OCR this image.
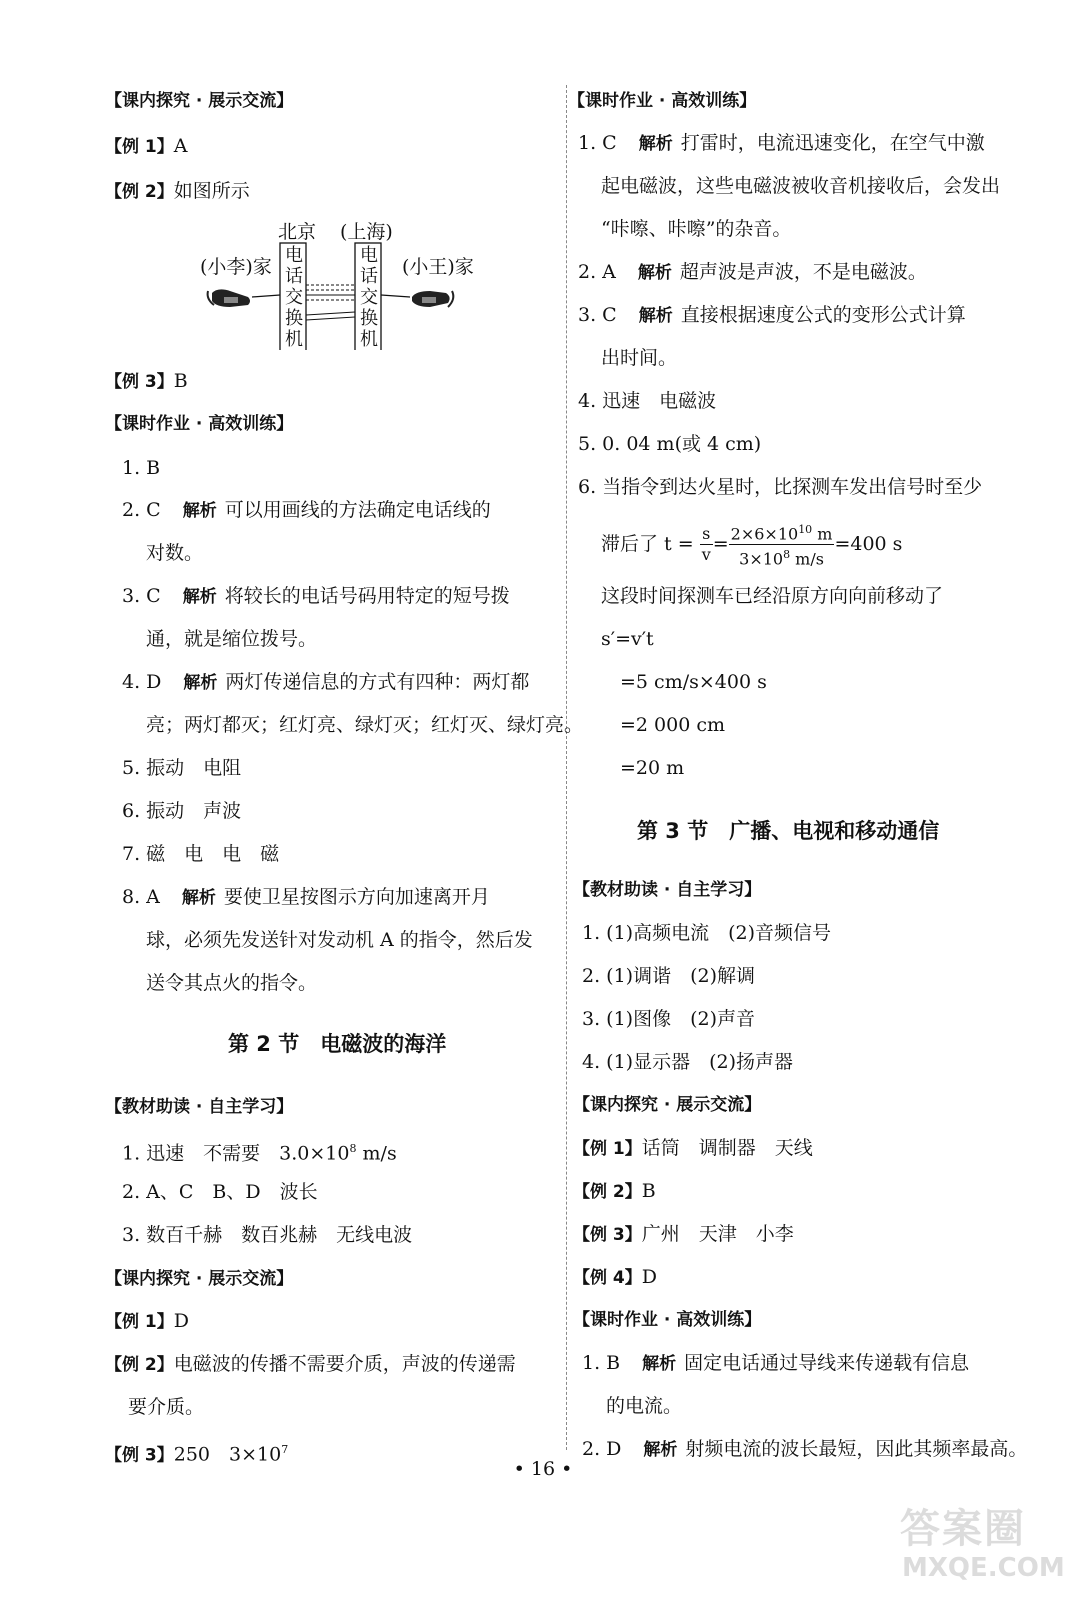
【课内探究 · 展示交流】
【例 1】A
【例 2】如图所示
北京 (上海)
(小李)家	(小王)家
电
话
交
换
机
电
话
交
换
机
【例 3】B
【课时作业 · 高效训练】
1. B
2. C 解析 可以用画线的方法确定电话线的
对数。
3. C 解析 将较长的电话号码用特定的短号拨
通，就是缩位拨号。
4. D 解析 两灯传递信息的方式有四种：两灯都
亮；两灯都灭；红灯亮、绿灯灭；红灯灭、绿灯亮。
5. 振动　电阻
6. 振动　声波
7. 磁　电　电　磁
8. A 解析 要使卫星按图示方向加速离开月
球，必须先发送针对发动机 A 的指令，然后发
送令其点火的指令。
第 2 节　电磁波的海洋
【教材助读 · 自主学习】
1. 迅速　不需要　$3.0\times 10^8$ m/s
2. A、C　B、D　波长
3. 数百千赫　数百兆赫　无线电波
【课内探究 · 展示交流】
【例 1】D
【例 2】电磁波的传播不需要介质，声波的传递需
要介质。
【例 3】250　$3\times 10^7$
【课时作业 · 高效训练】
1. C 解析 打雷时，电流迅速变化，在空气中激
起电磁波，这些电磁波被收音机接收后，会发出
“咔嚓、咔嚓”的杂音。
2. A 解析 超声波是声波，不是电磁波。
3. C 解析 直接根据速度公式的变形公式计算
出时间。
4. 迅速　电磁波
5. 0. 04 m(或 4 cm)
6. 当指令到达火星时，比探测车发出信号时至少
滞后了 $t = \frac{s}{v} = \frac{2\times 6\times 10^{10} m}{3\times 10^8 m/s} =400$ s
这段时间探测车已经沿原方向向前移动了
s′=v′t
=5 cm/s×400 s
=2 000 cm
=20 m
第 3 节　广播、电视和移动通信
【教材助读 · 自主学习】
1. (1)高频电流　(2)音频信号
2. (1)调谐　(2)解调
3. (1)图像　(2)声音
4. (1)显示器　(2)扬声器
【课内探究 · 展示交流】
【例 1】话筒　调制器　天线
【例 2】B
【例 3】广州　天津　小李
【例 4】D
【课时作业 · 高效训练】
1. B 解析 固定电话通过导线来传递载有信息
的电流。
2. D 解析 射频电流的波长最短，因此其频率最高。
• 16 •
答案圈
MXQE.COM
